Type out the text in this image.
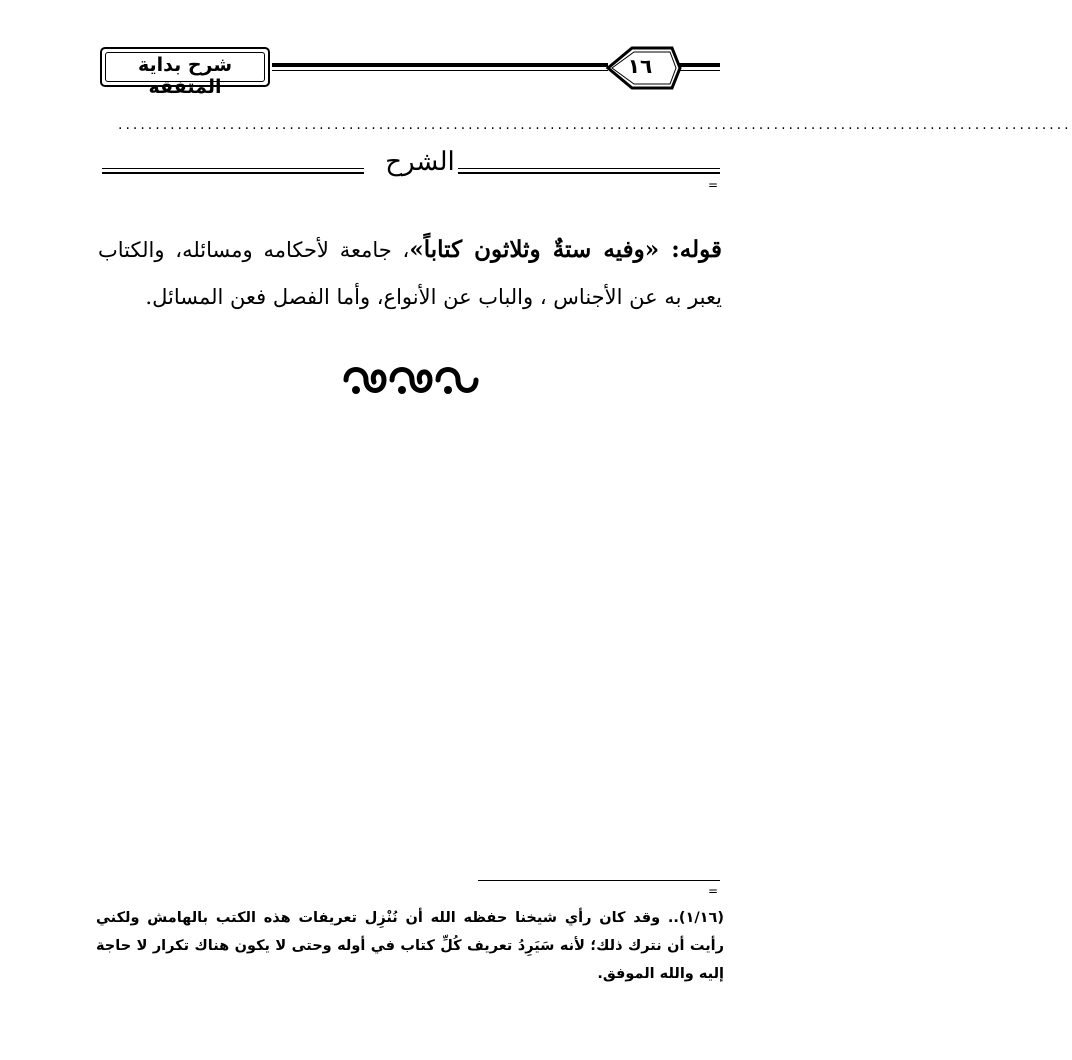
شرح بداية المتفقه
١٦
................................................................................................................................
الشرح
=
قوله: «وفيه ستةٌ وثلاثون كتاباً»، جامعة لأحكامه ومسائله، والكتاب يعبر به عن الأجناس ، والباب عن الأنواع، وأما الفصل فعن المسائل.
=
(١/١٦).. وقد كان رأي شيخنا حفظه الله أن نُنْزِل تعريفات هذه الكتب بالهامش ولكني رأيت أن نترك ذلك؛ لأنه سَيَرِدُ تعريف كُلِّ كتاب في أوله وحتى لا يكون هناك تكرار لا حاجة إليه والله الموفق.
